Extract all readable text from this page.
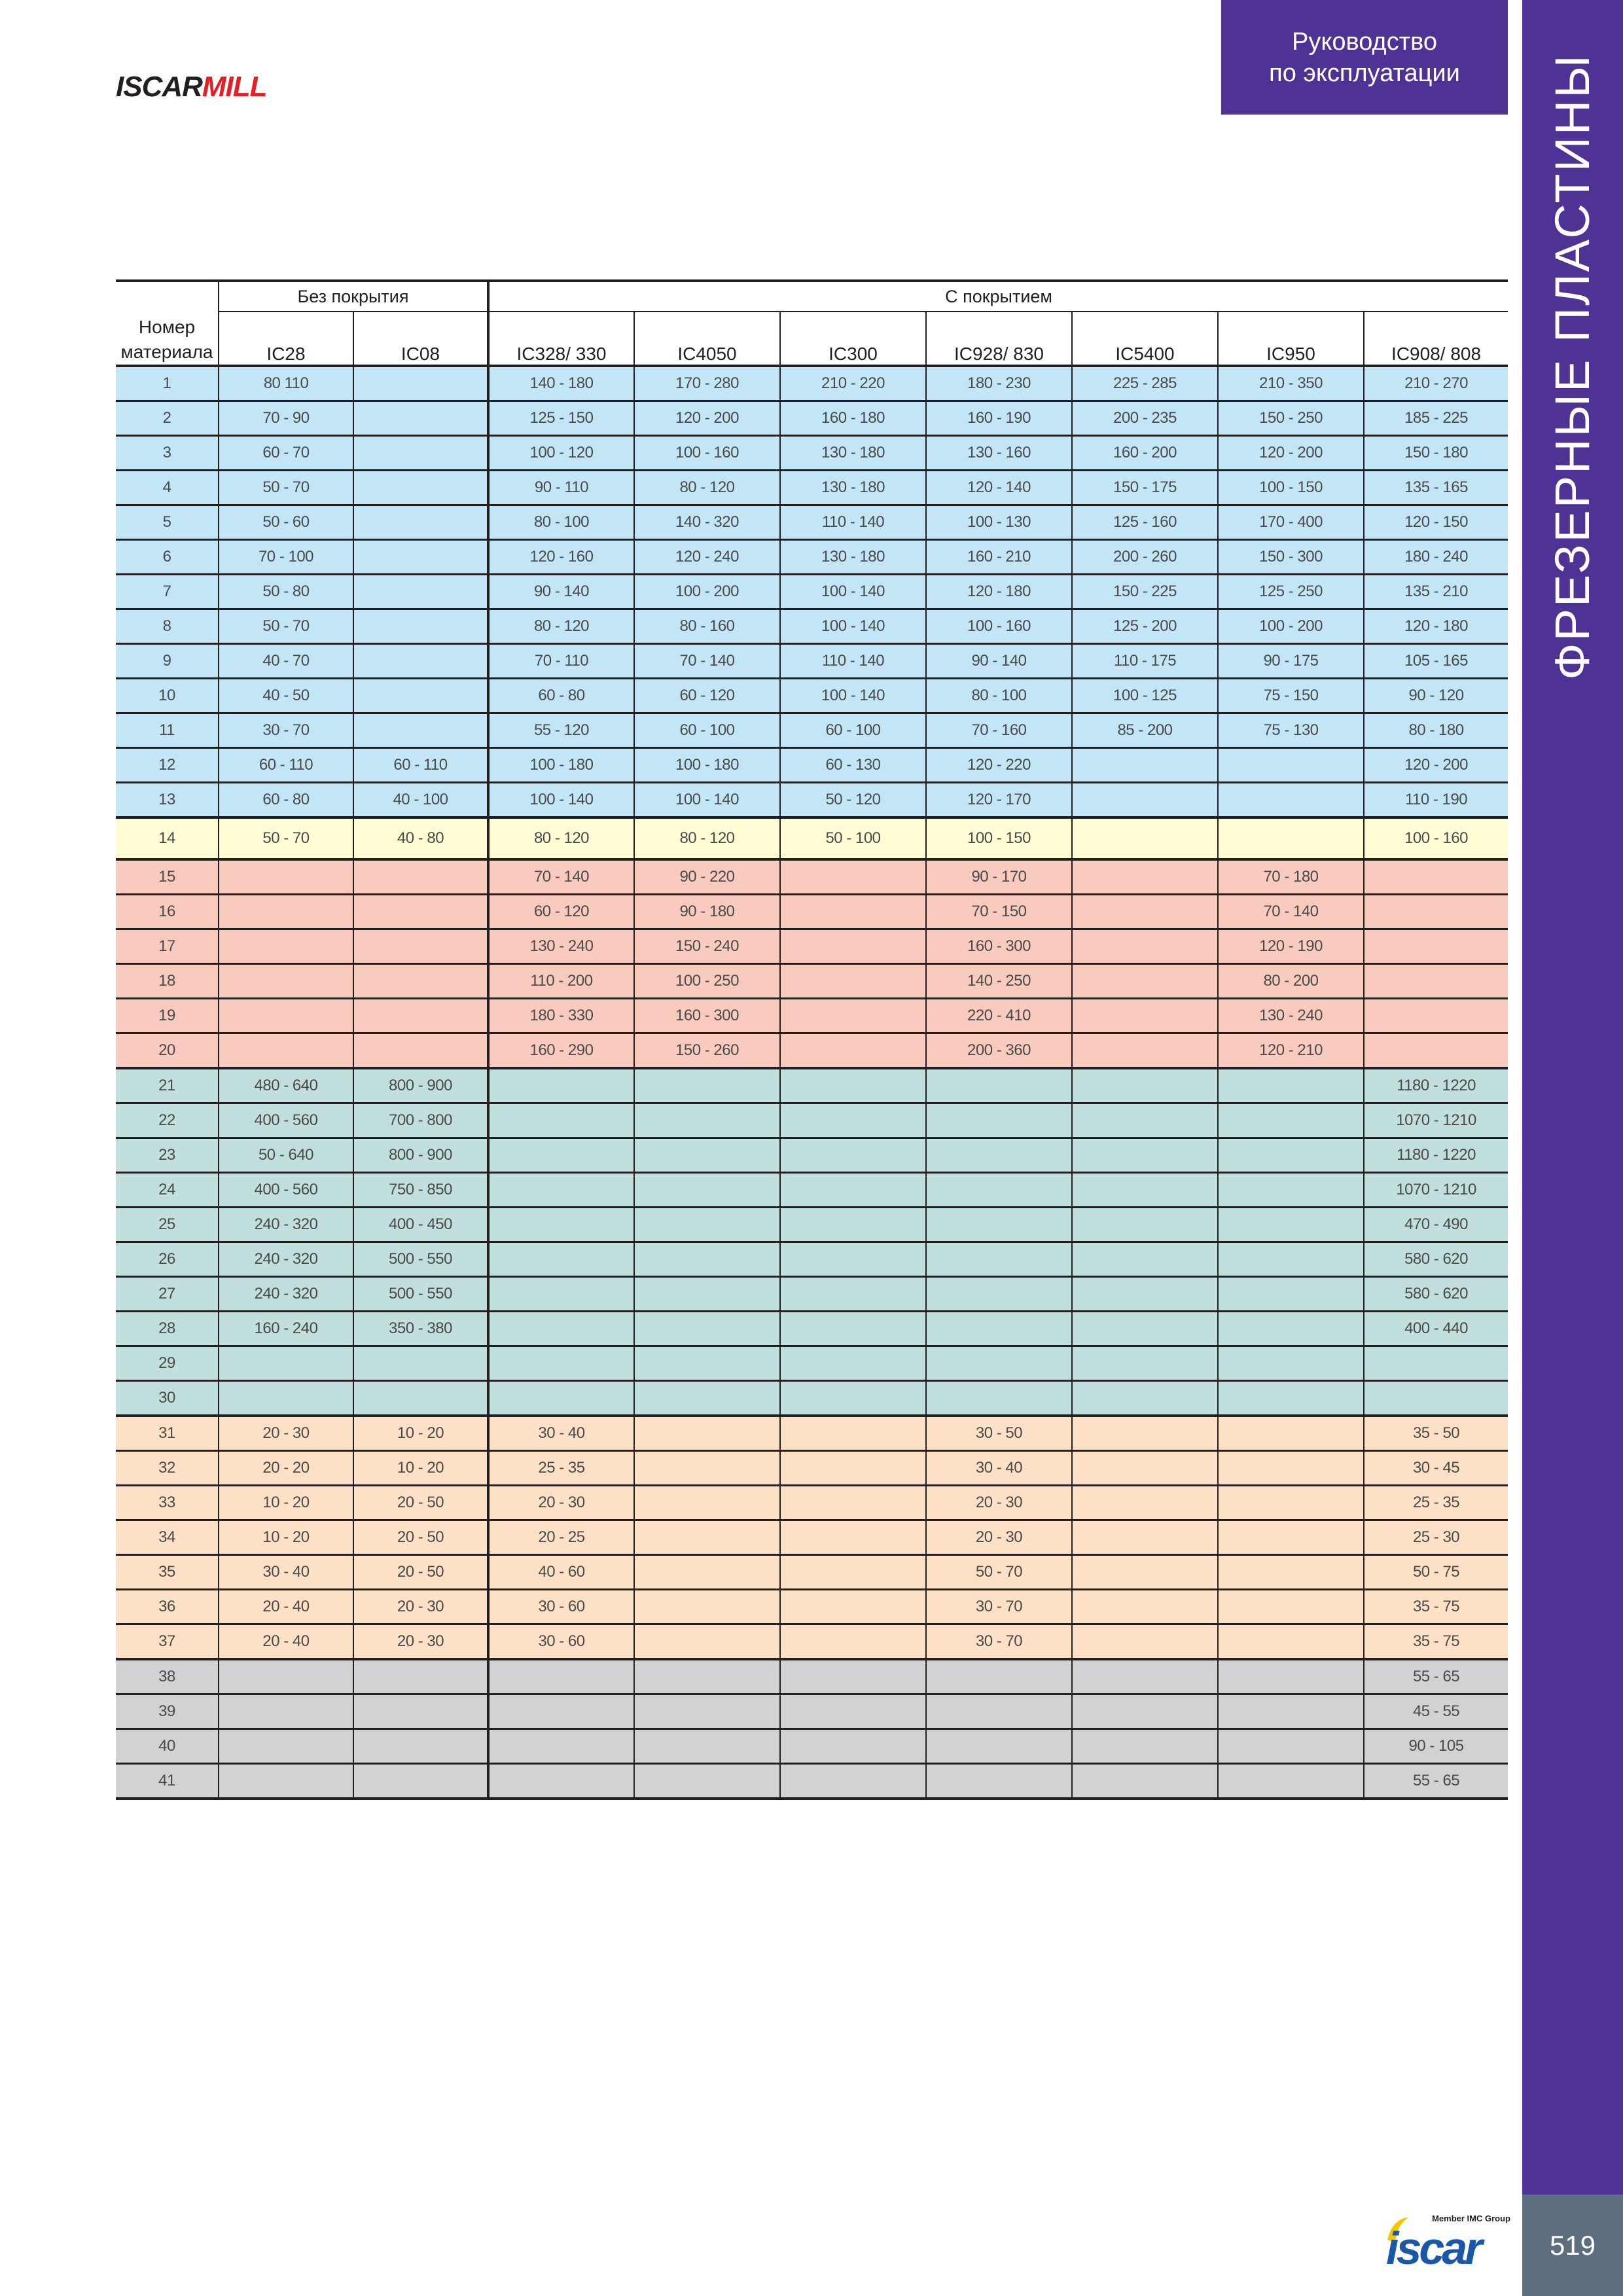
ISCAR MILL
Руководство
по эксплуатации ФРЕЗЕРНЫЕ ПЛАСТИНЫ
519
Member IMC Group
iscar
Номер
материала	Без покрытия		С покрытием						
	IC28	IC08	IC328/ 330	IC4050	IC300	IC928/ 830	IC5400	IC950	IC908/ 808
1	80 110		140 - 180	170 - 280	210 - 220	180 - 230	225 - 285	210 - 350	210 - 270
2	70 - 90		125 - 150	120 - 200	160 - 180	160 - 190	200 - 235	150 - 250	185 - 225
3	60 - 70		100 - 120	100 - 160	130 - 180	130 - 160	160 - 200	120 - 200	150 - 180
4	50 - 70		90 - 110	80 - 120	130 - 180	120 - 140	150 - 175	100 - 150	135 - 165
5	50 - 60		80 - 100	140 - 320	110 - 140	100 - 130	125 - 160	170 - 400	120 - 150
6	70 - 100		120 - 160	120 - 240	130 - 180	160 - 210	200 - 260	150 - 300	180 - 240
7	50 - 80		90 - 140	100 - 200	100 - 140	120 - 180	150 - 225	125 - 250	135 - 210
8	50 - 70		80 - 120	80 - 160	100 - 140	100 - 160	125 - 200	100 - 200	120 - 180
9	40 - 70		70 - 110	70 - 140	110 - 140	90 - 140	110 - 175	90 - 175	105 - 165
10	40 - 50		60 - 80	60 - 120	100 - 140	80 - 100	100 - 125	75 - 150	90 - 120
11	30 - 70		55 - 120	60 - 100	60 - 100	70 - 160	85 - 200	75 - 130	80 - 180
12	60 - 110	60 - 110	100 - 180	100 - 180	60 - 130	120 - 220			120 - 200
13	60 - 80	40 - 100	100 - 140	100 - 140	50 - 120	120 - 170			110 - 190
14	50 - 70	40 - 80	80 - 120	80 - 120	50 - 100	100 - 150			100 - 160
15			70 - 140	90 - 220		90 - 170		70 - 180	
16			60 - 120	90 - 180		70 - 150		70 - 140	
17			130 - 240	150 - 240		160 - 300		120 - 190	
18			110 - 200	100 - 250		140 - 250		80 - 200	
19			180 - 330	160 - 300		220 - 410		130 - 240	
20			160 - 290	150 - 260		200 - 360		120 - 210	
21	480 - 640	800 - 900							1180 - 1220
22	400 - 560	700 - 800							1070 - 1210
23	50 - 640	800 - 900							1180 - 1220
24	400 - 560	750 - 850							1070 - 1210
25	240 - 320	400 - 450							470 - 490
26	240 - 320	500 - 550							580 - 620
27	240 - 320	500 - 550							580 - 620
28	160 - 240	350 - 380							400 - 440
29									
30									
31	20 - 30	10 - 20	30 - 40			30 - 50			35 - 50
32	20 - 20	10 - 20	25 - 35			30 - 40			30 - 45
33	10 - 20	20 - 50	20 - 30			20 - 30			25 - 35
34	10 - 20	20 - 50	20 - 25			20 - 30			25 - 30
35	30 - 40	20 - 50	40 - 60			50 - 70			50 - 75
36	20 - 40	20 - 30	30 - 60			30 - 70			35 - 75
37	20 - 40	20 - 30	30 - 60			30 - 70			35 - 75
38									55 - 65
39									45 - 55
40									90 - 105
41									55 - 65
